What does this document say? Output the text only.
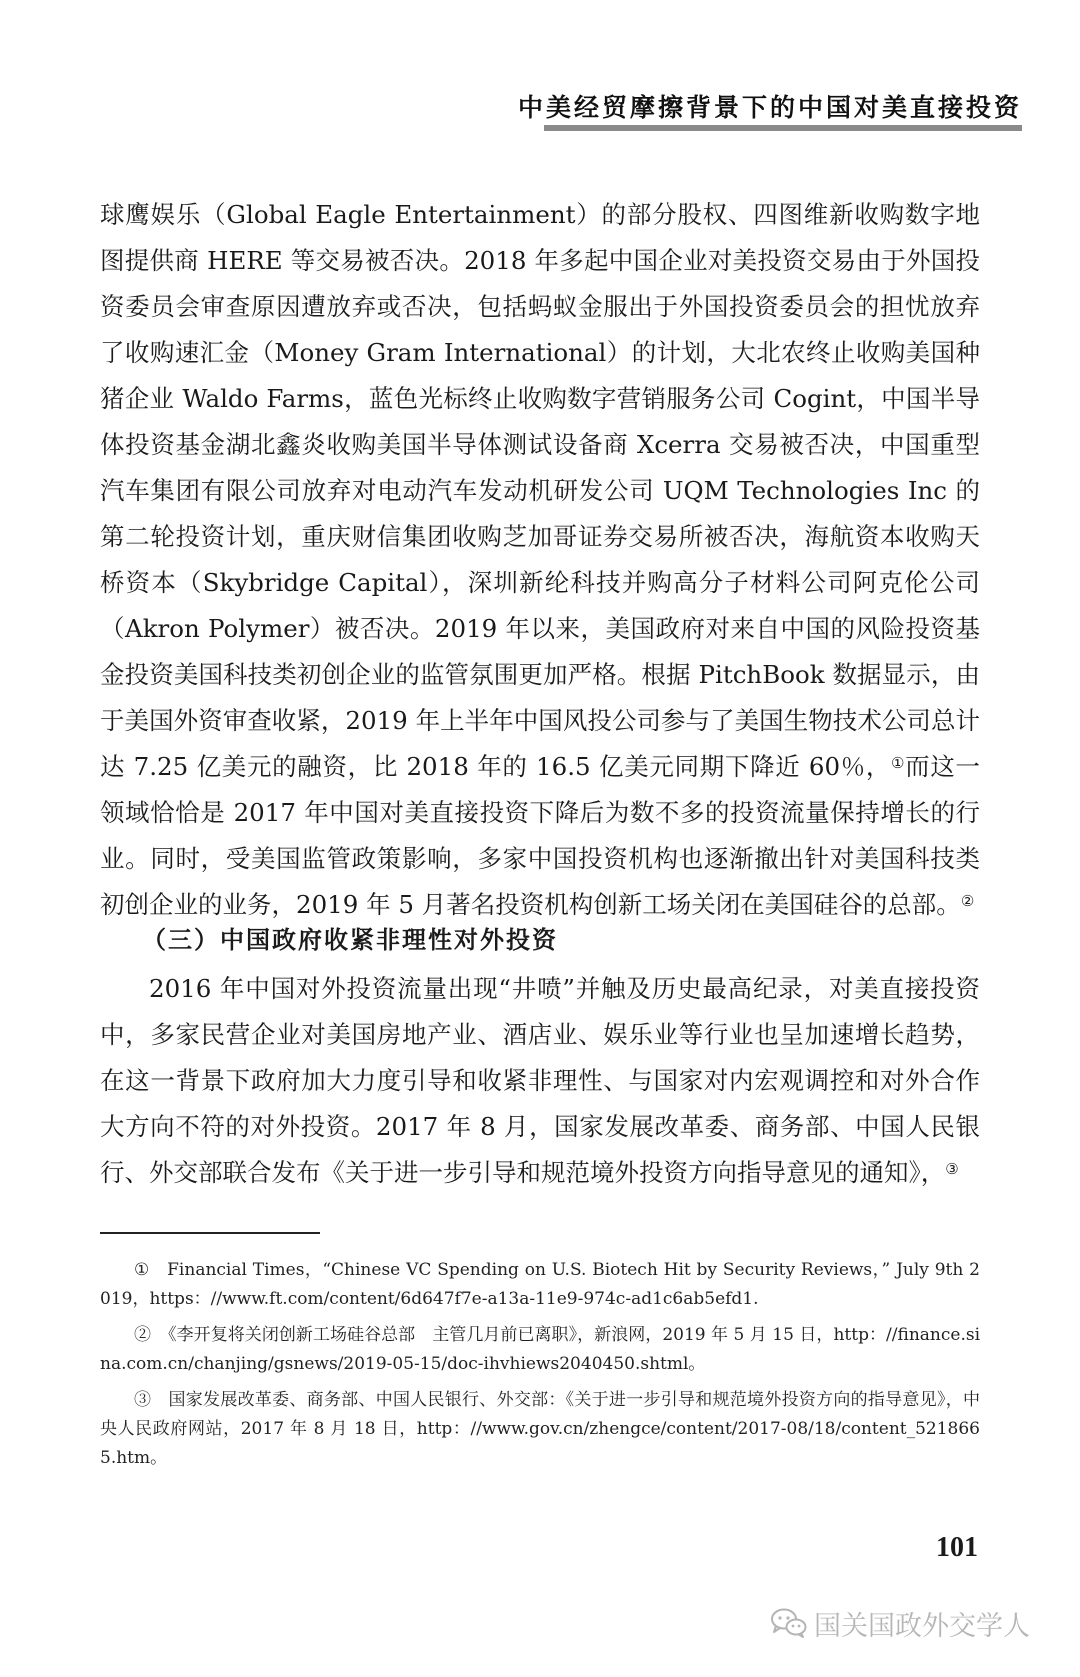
中美经贸摩擦背景下的中国对美直接投资

球鹰娱乐（Global Eagle Entertainment）的部分股权、四图维新收购数字地图提供商 HERE 等交易被否决。2018 年多起中国企业对美投资交易由于外国投资委员会审查原因遭放弃或否决，包括蚂蚁金服出于外国投资委员会的担忧放弃了收购速汇金（Money Gram International）的计划，大北农终止收购美国种猪企业 Waldo Farms，蓝色光标终止收购数字营销服务公司 Cogint，中国半导体投资基金湖北鑫炎收购美国半导体测试设备商 Xcerra 交易被否决，中国重型汽车集团有限公司放弃对电动汽车发动机研发公司 UQM Technologies Inc 的第二轮投资计划，重庆财信集团收购芝加哥证券交易所被否决，海航资本收购天桥资本（Skybridge Capital），深圳新纶科技并购高分子材料公司阿克伦公司（Akron Polymer）被否决。2019 年以来，美国政府对来自中国的风险投资基金投资美国科技类初创企业的监管氛围更加严格。根据 PitchBook 数据显示，由于美国外资审查收紧，2019 年上半年中国风投公司参与了美国生物技术公司总计达 7.25 亿美元的融资，比 2018 年的 16.5 亿美元同期下降近 60％，①而这一领域恰恰是 2017 年中国对美直接投资下降后为数不多的投资流量保持增长的行业。同时，受美国监管政策影响，多家中国投资机构也逐渐撤出针对美国科技类初创企业的业务，2019 年 5 月著名投资机构创新工场关闭在美国硅谷的总部。②

（三）中国政府收紧非理性对外投资

2016 年中国对外投资流量出现“井喷”并触及历史最高纪录，对美直接投资中，多家民营企业对美国房地产业、酒店业、娱乐业等行业也呈加速增长趋势，在这一背景下政府加大力度引导和收紧非理性、与国家对内宏观调控和对外合作大方向不符的对外投资。2017 年 8 月，国家发展改革委、商务部、中国人民银行、外交部联合发布《关于进一步引导和规范境外投资方向指导意见的通知》，③

①　 Financial Times，“Chinese VC Spending on U.S. Biotech Hit by Security Reviews，” July 9th 2019，https：//www.ft.com/content/6d647f7e-a13a-11e9-974c-ad1c6ab5efd1.

②　 《李开复将关闭创新工场硅谷总部　主管几月前已离职》，新浪网，2019 年 5 月 15 日，http：//finance.sina.com.cn/chanjing/gsnews/2019-05-15/doc-ihvhiews2040450.shtml。

③　 国家发展改革委、商务部、中国人民银行、外交部：《关于进一步引导和规范境外投资方向的指导意见》，中央人民政府网站，2017 年 8 月 18 日，http：//www.gov.cn/zhengce/content/2017-08/18/content_5218665.htm。

101
国关国政外交学人
